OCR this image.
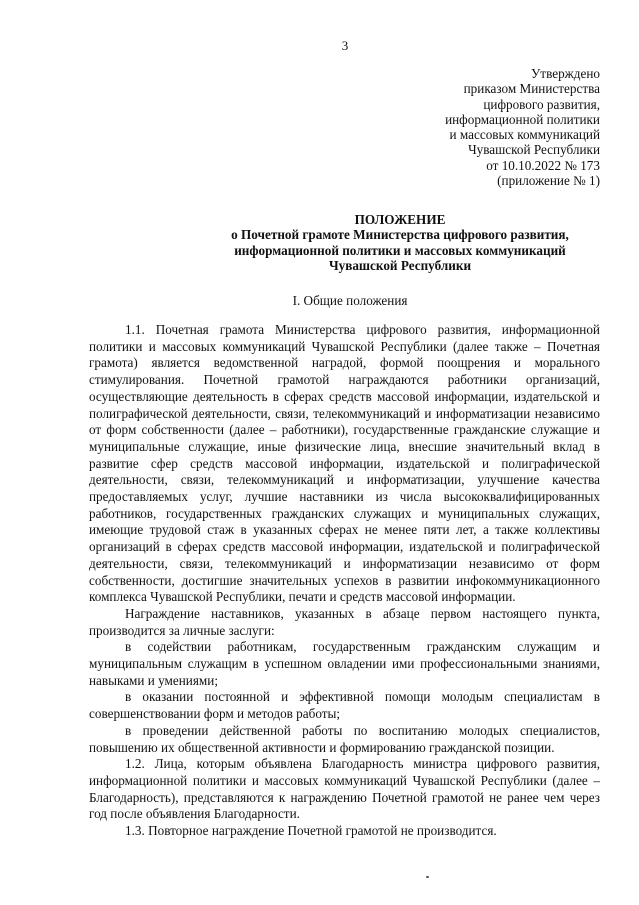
3
Утверждено
приказом Министерства
цифрового развития,
информационной политики
и массовых коммуникаций
Чувашской Республики
от 10.10.2022 № 173
(приложение № 1)
ПОЛОЖЕНИЕ
о Почетной грамоте Министерства цифрового развития,
информационной политики и массовых коммуникаций
Чувашской Республики
I. Общие положения

1.1. Почетная грамота Министерства цифрового развития, информационной политики и массовых коммуникаций Чувашской Республики (далее также – Почетная грамота) является ведомственной наградой, формой поощрения и морального стимулирования. Почетной грамотой награждаются работники организаций, осуществляющие деятельность в сферах средств массовой информации, издательской и полиграфической деятельности, связи, телекоммуникаций и информатизации независимо от форм собственности (далее – работники), государственные гражданские служащие и муниципальные служащие, иные физические лица, внесшие значительный вклад в развитие сфер средств массовой информации, издательской и полиграфической деятельности, связи, телекоммуникаций и информатизации, улучшение качества предоставляемых услуг, лучшие наставники из числа высококвалифицированных работников, государственных гражданских служащих и муниципальных служащих, имеющие трудовой стаж в указанных сферах не менее пяти лет, а также коллективы организаций в сферах средств массовой информации, издательской и полиграфической деятельности, связи, телекоммуникаций и информатизации независимо от форм собственности, достигшие значительных успехов в развитии инфокоммуникационного комплекса Чувашской Республики, печати и средств массовой информации.

Награждение наставников, указанных в абзаце первом настоящего пункта, производится за личные заслуги:

в содействии работникам, государственным гражданским служащим и муниципальным служащим в успешном овладении ими профессиональными знаниями, навыками и умениями;

в оказании постоянной и эффективной помощи молодым специалистам в совершенствовании форм и методов работы;

в проведении действенной работы по воспитанию молодых специалистов, повышению их общественной активности и формированию гражданской позиции.

1.2. Лица, которым объявлена Благодарность министра цифрового развития, информационной политики и массовых коммуникаций Чувашской Республики (далее – Благодарность), представляются к награждению Почетной грамотой не ранее чем через год после объявления Благодарности.

1.3. Повторное награждение Почетной грамотой не производится.
